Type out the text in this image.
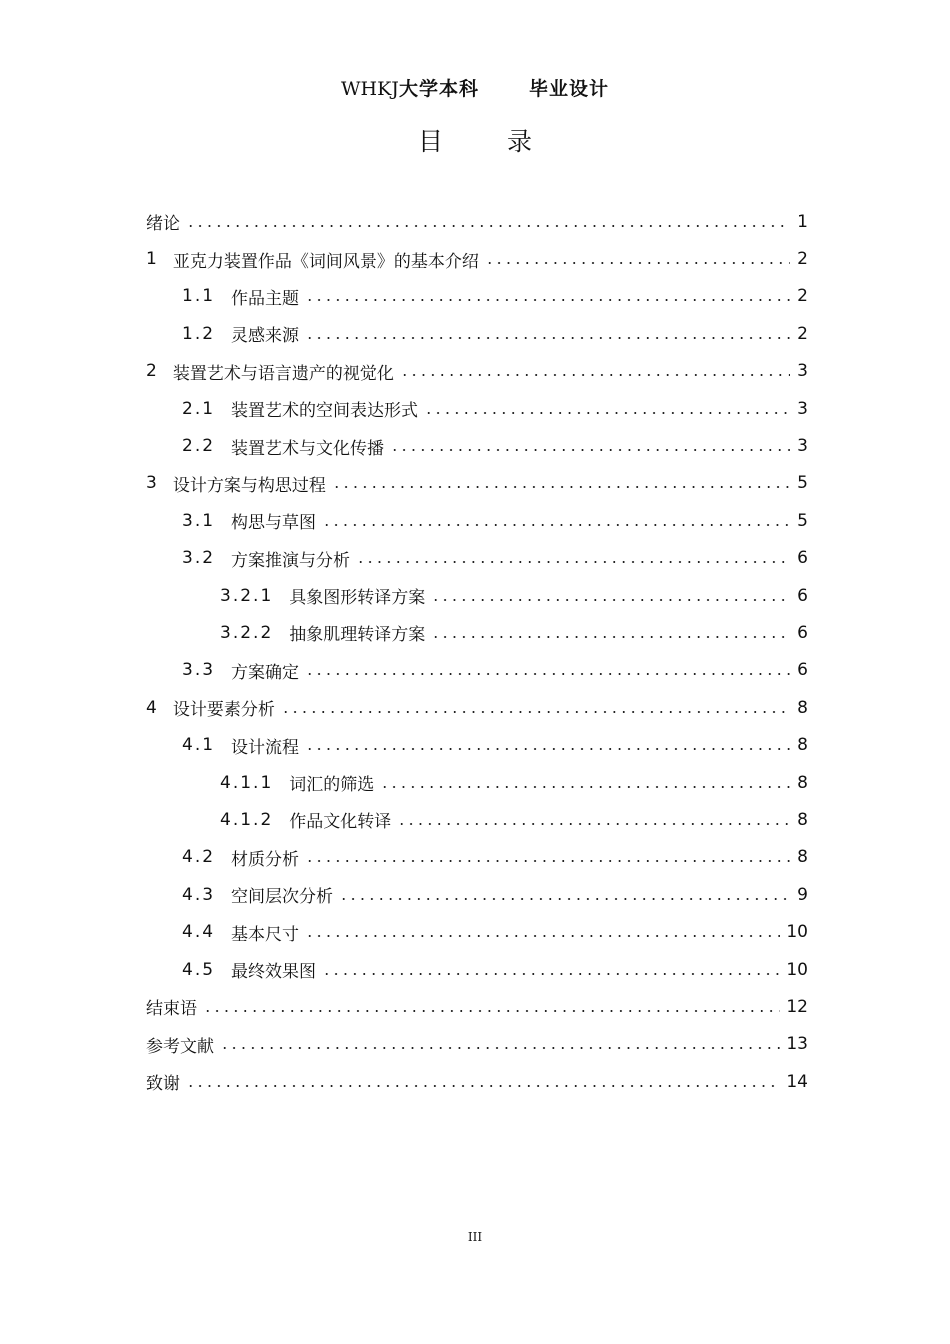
WHKJ大学本科	毕业设计
目 录
绪论	1
1 亚克力装置作品《词间风景》的基本介绍	2
1.1 作品主题	2
1.2 灵感来源	2
2 装置艺术与语言遗产的视觉化	3
2.1 装置艺术的空间表达形式	3
2.2 装置艺术与文化传播	3
3 设计方案与构思过程	5
3.1 构思与草图	5
3.2 方案推演与分析	6
3.2.1 具象图形转译方案	6
3.2.2 抽象肌理转译方案	6
3.3 方案确定	6
4 设计要素分析	8
4.1 设计流程	8
4.1.1 词汇的筛选	8
4.1.2 作品文化转译	8
4.2 材质分析	8
4.3 空间层次分析	9
4.4 基本尺寸	10
4.5 最终效果图	10
结束语	12
参考文献	13
致谢	14
III
